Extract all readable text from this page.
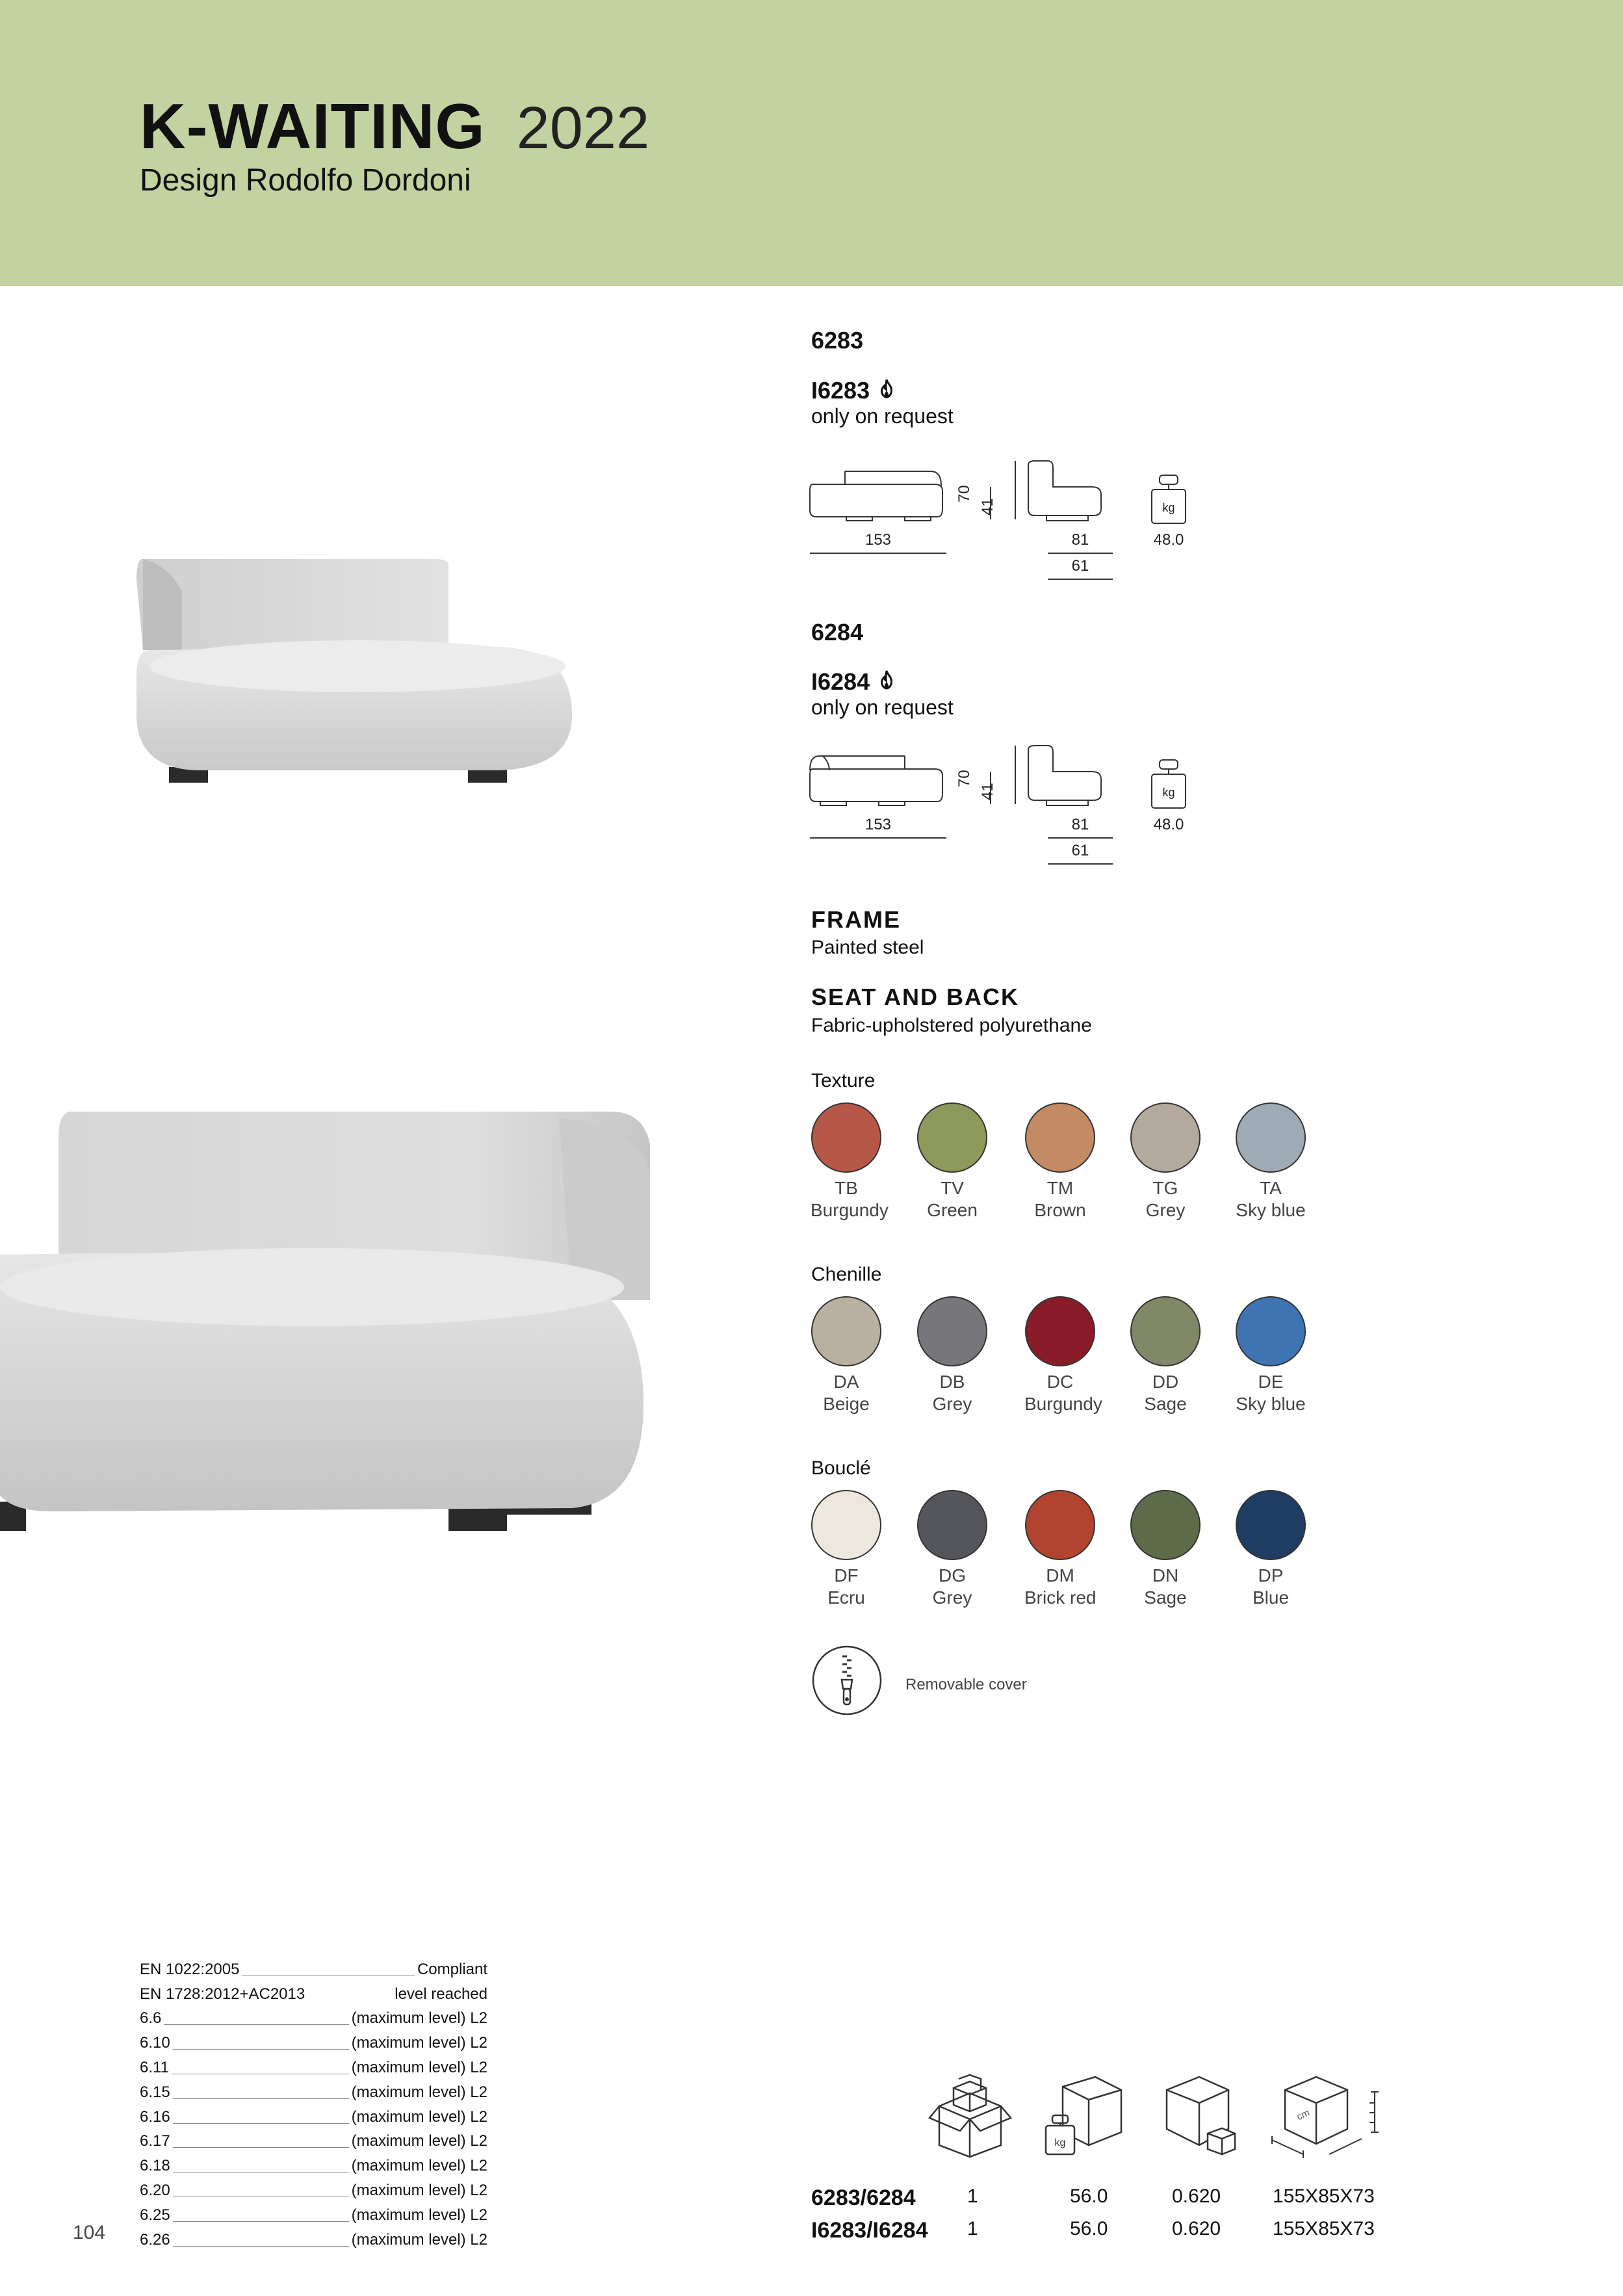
K-WAITING 2022
Design Rodolfo Dordoni
6283
I6283
only on request
kg
70
41
153	81
61
48.0
6284
I6284
only on request
kg
70
41
153	81
61
48.0
FRAME
Painted steel
SEAT AND BACK
Fabric-upholstered polyurethane
Texture
TB
Burgundy
TV
Green
TM
Brown
TG
Grey
TA
Sky blue
Chenille
DA
Beige
DB
Grey
DC
Burgundy
DD
Sage
DE
Sky blue
Bouclé
DF
Ecru
DG
Grey
DM
Brick red
DN
Sage
DP
Blue
Removable cover
EN 1022:2005	Compliant
EN 1728:2012+AC2013	level reached
6.6	(maximum level) L2
6.10	(maximum level) L2
6.11	(maximum level) L2
6.15	(maximum level) L2
6.16	(maximum level) L2
6.17	(maximum level) L2
6.18	(maximum level) L2
6.20	(maximum level) L2
6.25	(maximum level) L2
6.26	(maximum level) L2
104
kg
cm
6283/6284	1	56.0	0.620	155X85X73
I6283/I6284 1	56.0	0.620	155X85X73
